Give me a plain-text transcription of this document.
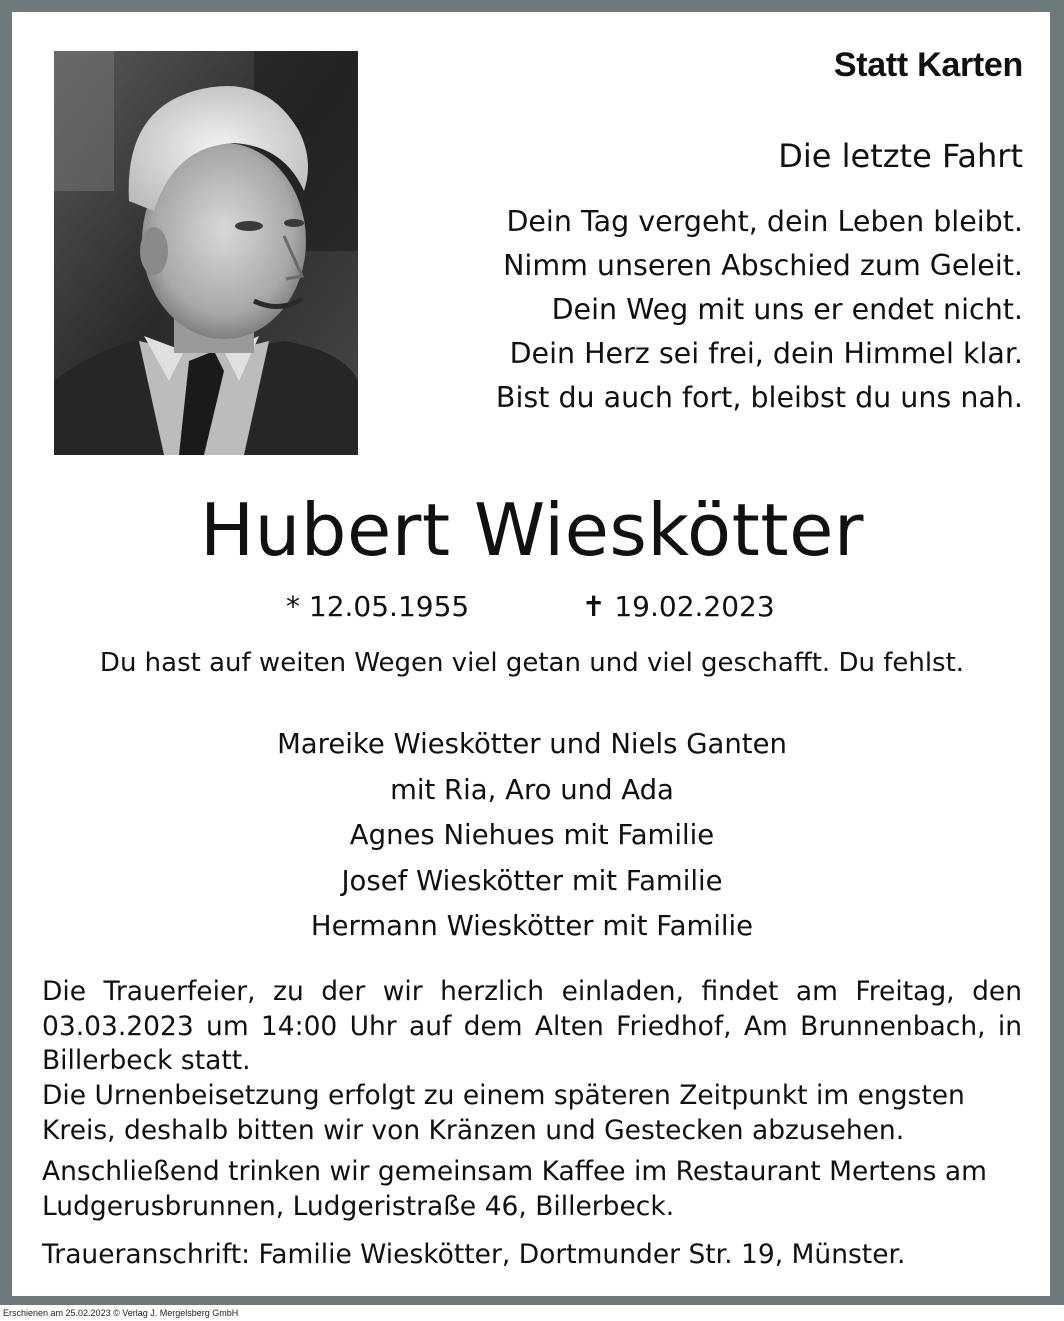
Statt Karten
Die letzte Fahrt
Dein Tag vergeht, dein Leben bleibt.
Nimm unseren Abschied zum Geleit.
Dein Weg mit uns er endet nicht.
Dein Herz sei frei, dein Himmel klar.
Bist du auch fort, bleibst du uns nah.
Hubert Wieskötter
* 12.05.1955	✝ 19.02.2023
Du hast auf weiten Wegen viel getan und viel geschafft. Du fehlst.
Mareike Wieskötter und Niels Ganten
mit Ria, Aro und Ada
Agnes Niehues mit Familie
Josef Wieskötter mit Familie
Hermann Wieskötter mit Familie
Die Trauerfeier, zu der wir herzlich einladen, findet am Freitag, den 03.03.2023 um 14:00 Uhr auf dem Alten Friedhof, Am Brunnenbach, in Billerbeck statt.
Die Urnenbeisetzung erfolgt zu einem späteren Zeitpunkt im engsten Kreis, deshalb bitten wir von Kränzen und Gestecken abzusehen.
Anschließend trinken wir gemeinsam Kaffee im Restaurant Mertens am Ludgerusbrunnen, Ludgeristraße 46, Billerbeck.
Traueranschrift: Familie Wieskötter, Dortmunder Str. 19, Münster.
Erschienen am 25.02.2023 © Verlag J. Mergelsberg GmbH
